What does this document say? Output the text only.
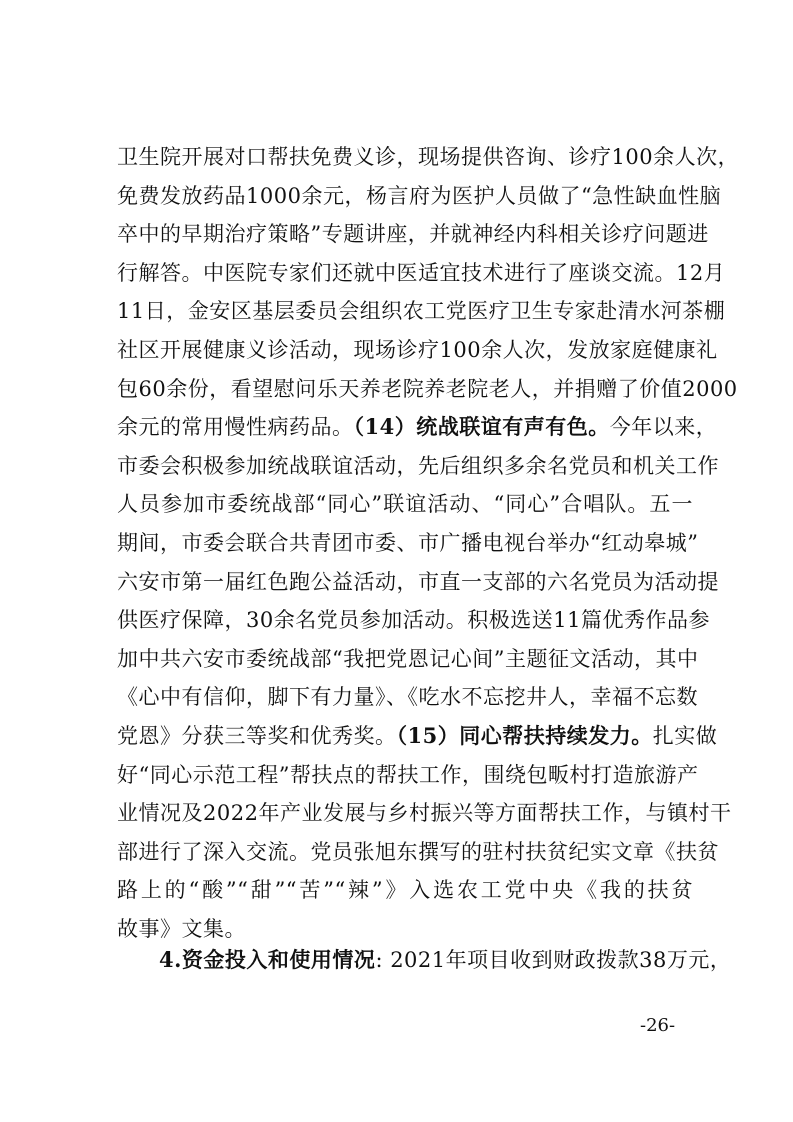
卫生院开展对口帮扶免费义诊，现场提供咨询、诊疗100余人次，
免费发放药品1000余元，杨言府为医护人员做了“急性缺血性脑
卒中的早期治疗策略”专题讲座，并就神经内科相关诊疗问题进
行解答。中医院专家们还就中医适宜技术进行了座谈交流。12月
11日，金安区基层委员会组织农工党医疗卫生专家赴清水河茶棚
社区开展健康义诊活动，现场诊疗100余人次，发放家庭健康礼
包60余份，看望慰问乐天养老院养老院老人，并捐赠了价值2000
余元的常用慢性病药品。（14）统战联谊有声有色。今年以来，
市委会积极参加统战联谊活动，先后组织多余名党员和机关工作
人员参加市委统战部“同心”联谊活动、“同心”合唱队。五一
期间，市委会联合共青团市委、市广播电视台举办“红动皋城”
六安市第一届红色跑公益活动，市直一支部的六名党员为活动提
供医疗保障，30余名党员参加活动。积极选送11篇优秀作品参
加中共六安市委统战部“我把党恩记心间”主题征文活动，其中
《心中有信仰，脚下有力量》、《吃水不忘挖井人，幸福不忘数
党恩》分获三等奖和优秀奖。（15）同心帮扶持续发力。扎实做
好“同心示范工程”帮扶点的帮扶工作，围绕包畈村打造旅游产
业情况及2022年产业发展与乡村振兴等方面帮扶工作，与镇村干
部进行了深入交流。党员张旭东撰写的驻村扶贫纪实文章《扶贫
路上的“酸”“甜”“苦”“辣”》入选农工党中央《我的扶贫
故事》文集。
4.资金投入和使用情况: 2021年项目收到财政拨款38万元，
-26-
